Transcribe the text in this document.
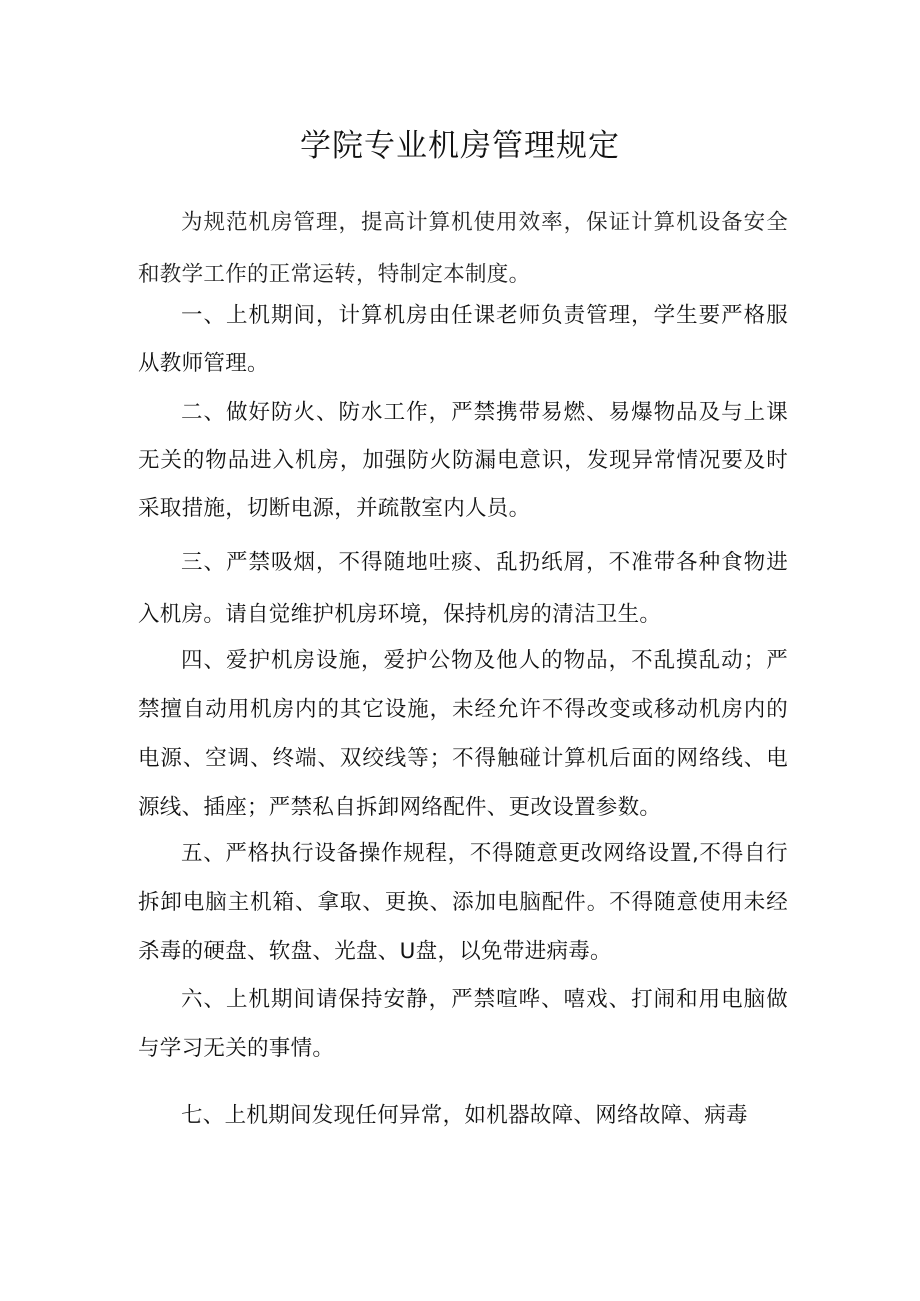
学院专业机房管理规定

为规范机房管理，提高计算机使用效率，保证计算机设备安全和教学工作的正常运转，特制定本制度。

一、上机期间，计算机房由任课老师负责管理，学生要严格服从教师管理。

二、做好防火、防水工作，严禁携带易燃、易爆物品及与上课无关的物品进入机房，加强防火防漏电意识，发现异常情况要及时采取措施，切断电源，并疏散室内人员。

三、严禁吸烟，不得随地吐痰、乱扔纸屑，不准带各种食物进入机房。请自觉维护机房环境，保持机房的清洁卫生。

四、爱护机房设施，爱护公物及他人的物品，不乱摸乱动；严禁擅自动用机房内的其它设施，未经允许不得改变或移动机房内的电源、空调、终端、双绞线等；不得触碰计算机后面的网络线、电源线、插座；严禁私自拆卸网络配件、更改设置参数。

五、严格执行设备操作规程，不得随意更改网络设置,不得自行拆卸电脑主机箱、拿取、更换、添加电脑配件。不得随意使用未经杀毒的硬盘、软盘、光盘、U盘，以免带进病毒。

六、上机期间请保持安静，严禁喧哗、嘻戏、打闹和用电脑做与学习无关的事情。

七、上机期间发现任何异常，如机器故障、网络故障、病毒
